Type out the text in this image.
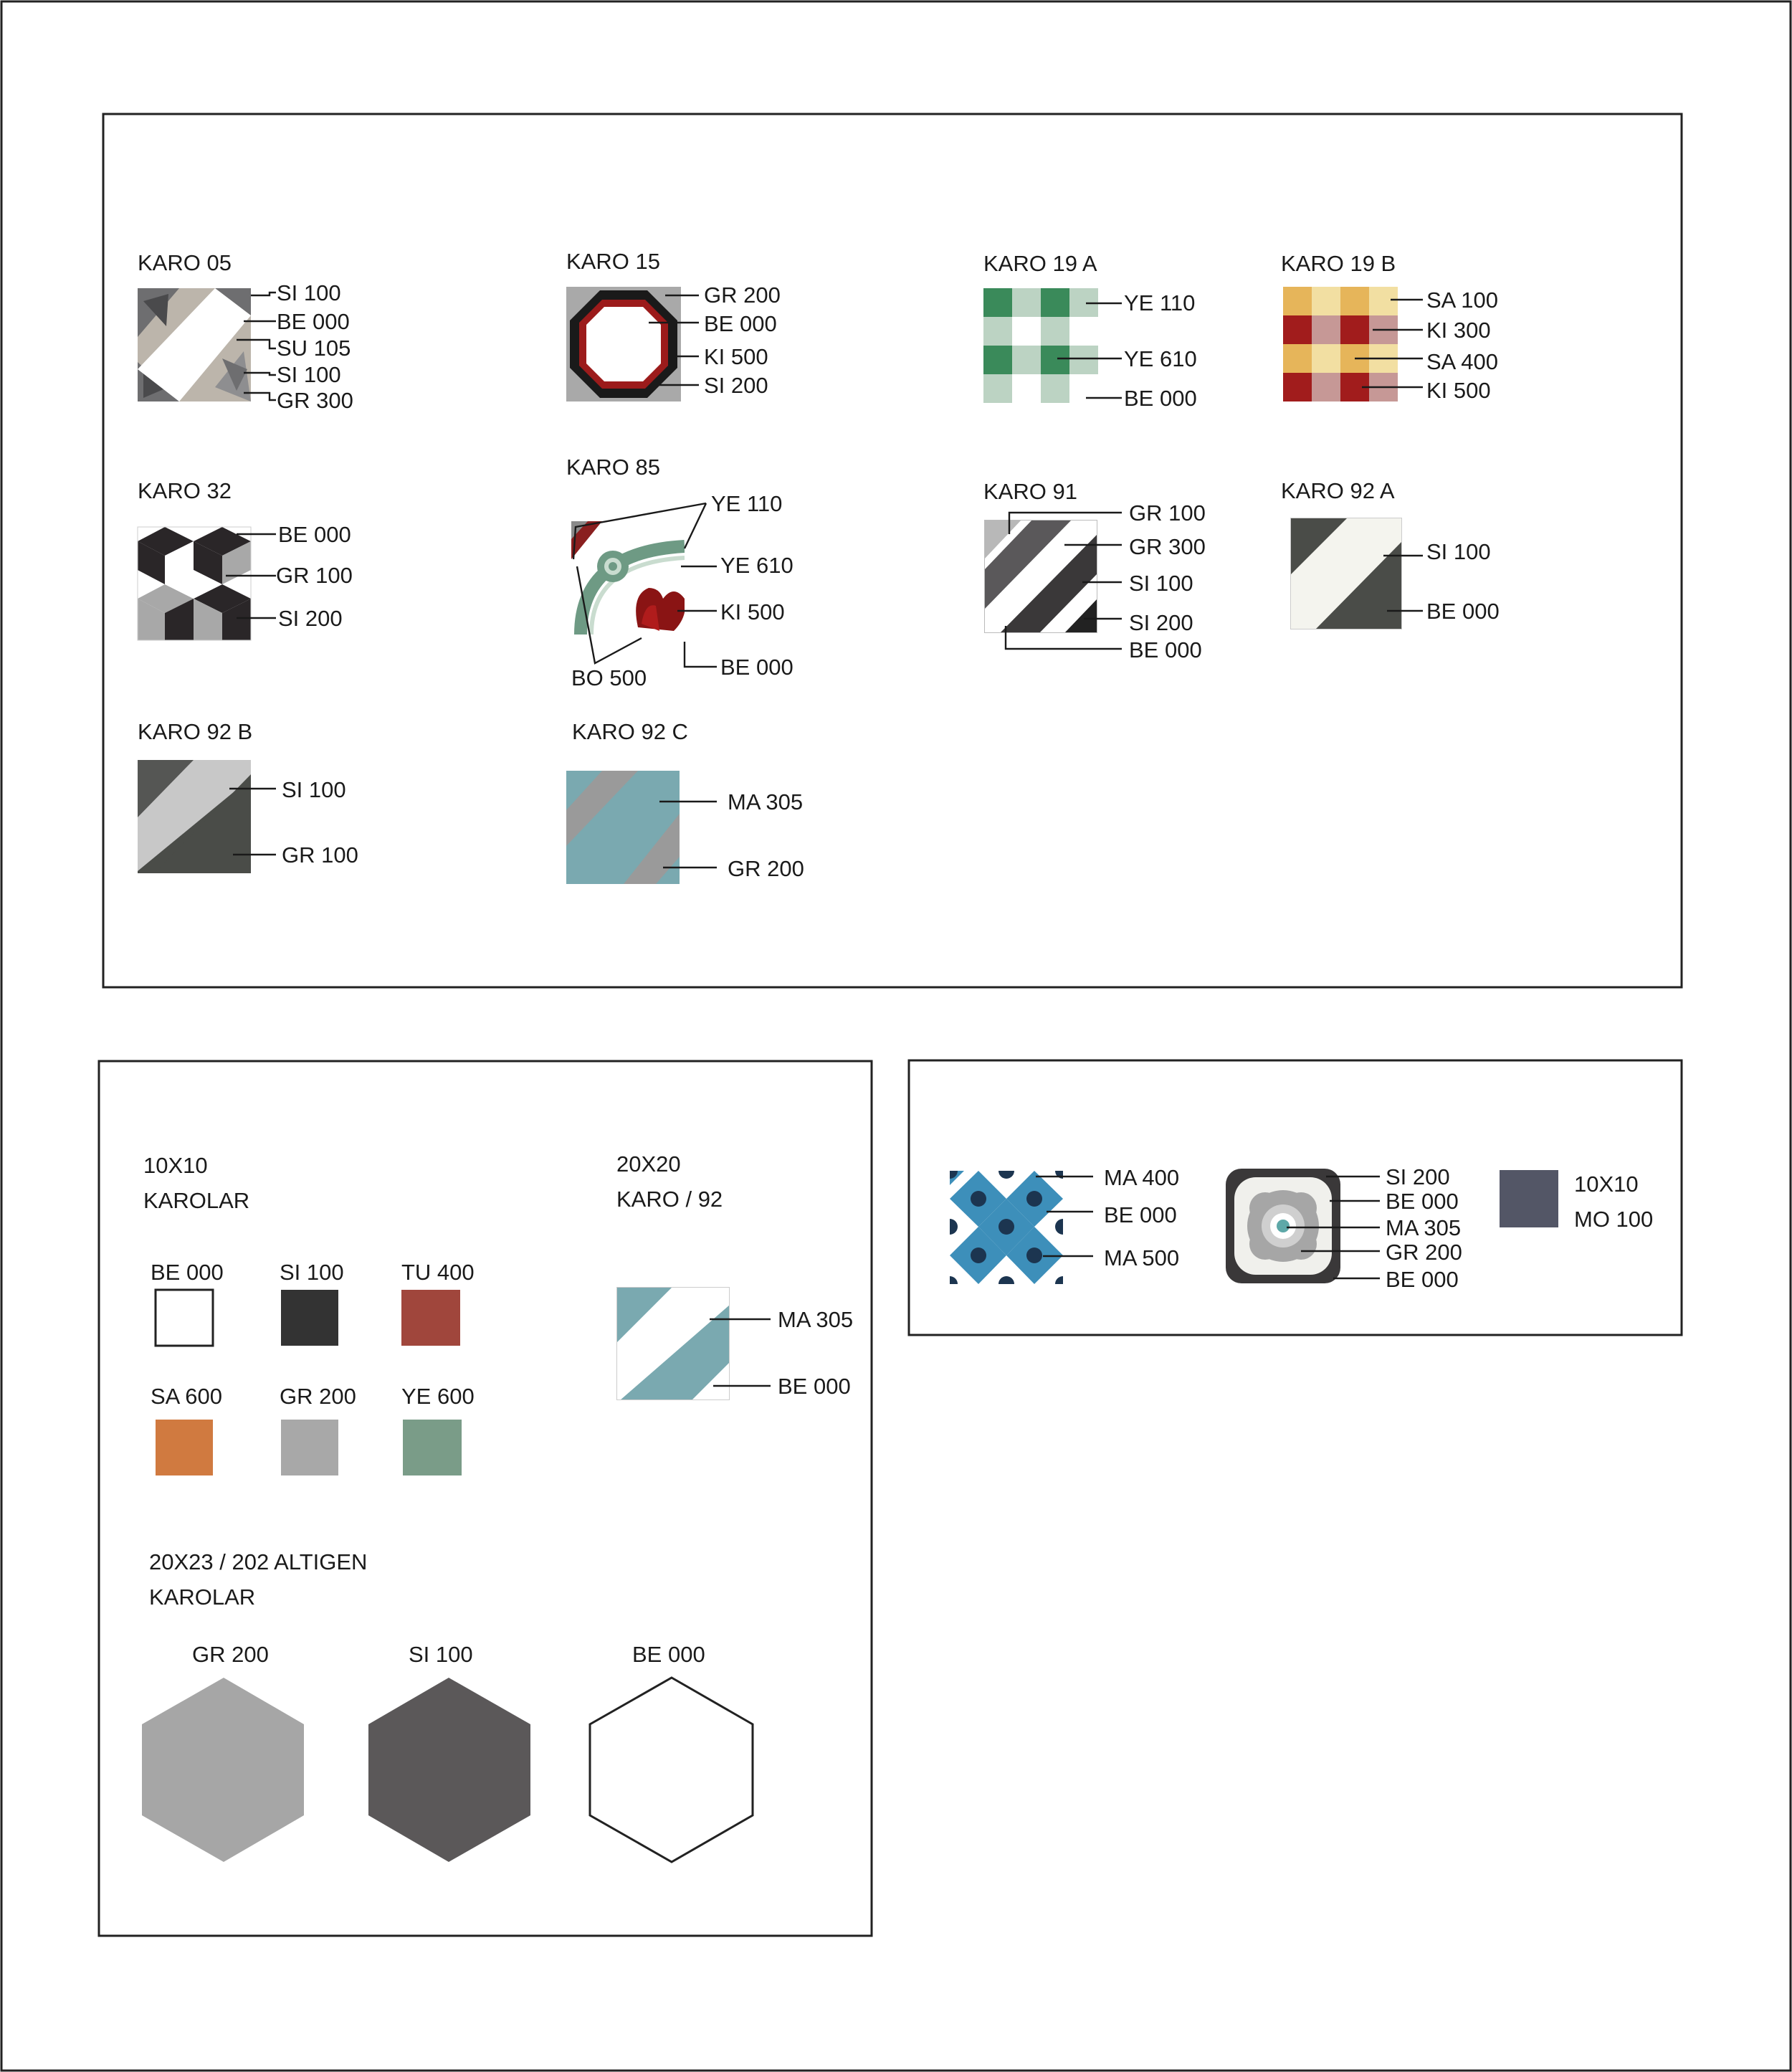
KARO 05
SI 100
BE 000
SU 105
SI 100
GR 300
KARO 15
GR 200
BE 000
KI 500
SI 200
KARO 19 A
YE 110
YE 610
BE 000
KARO 19 B
SA 100
KI 300
SA 400
KI 500
KARO 32
BE 000
GR 100
SI 200
KARO 85
YE 110
YE 610
KI 500
BE 000
BO 500
KARO 91
GR 100
GR 300
SI 100
SI 200
BE 000
KARO 92 A
SI 100
BE 000
KARO 92 B
SI 100
GR 100
KARO 92 C
MA 305
GR 200
10X10
KAROLAR
20X20
KARO / 92
BE 000	SI 100	TU 400
SA 600	GR 200 YE 600
MA 305
BE 000
20X23 / 202 ALTIGEN
KAROLAR
GR 200	SI 100	BE 000
MA 400
BE 000
MA 500
SI 200
BE 000
MA 305
GR 200
BE 000
10X10
MO 100
